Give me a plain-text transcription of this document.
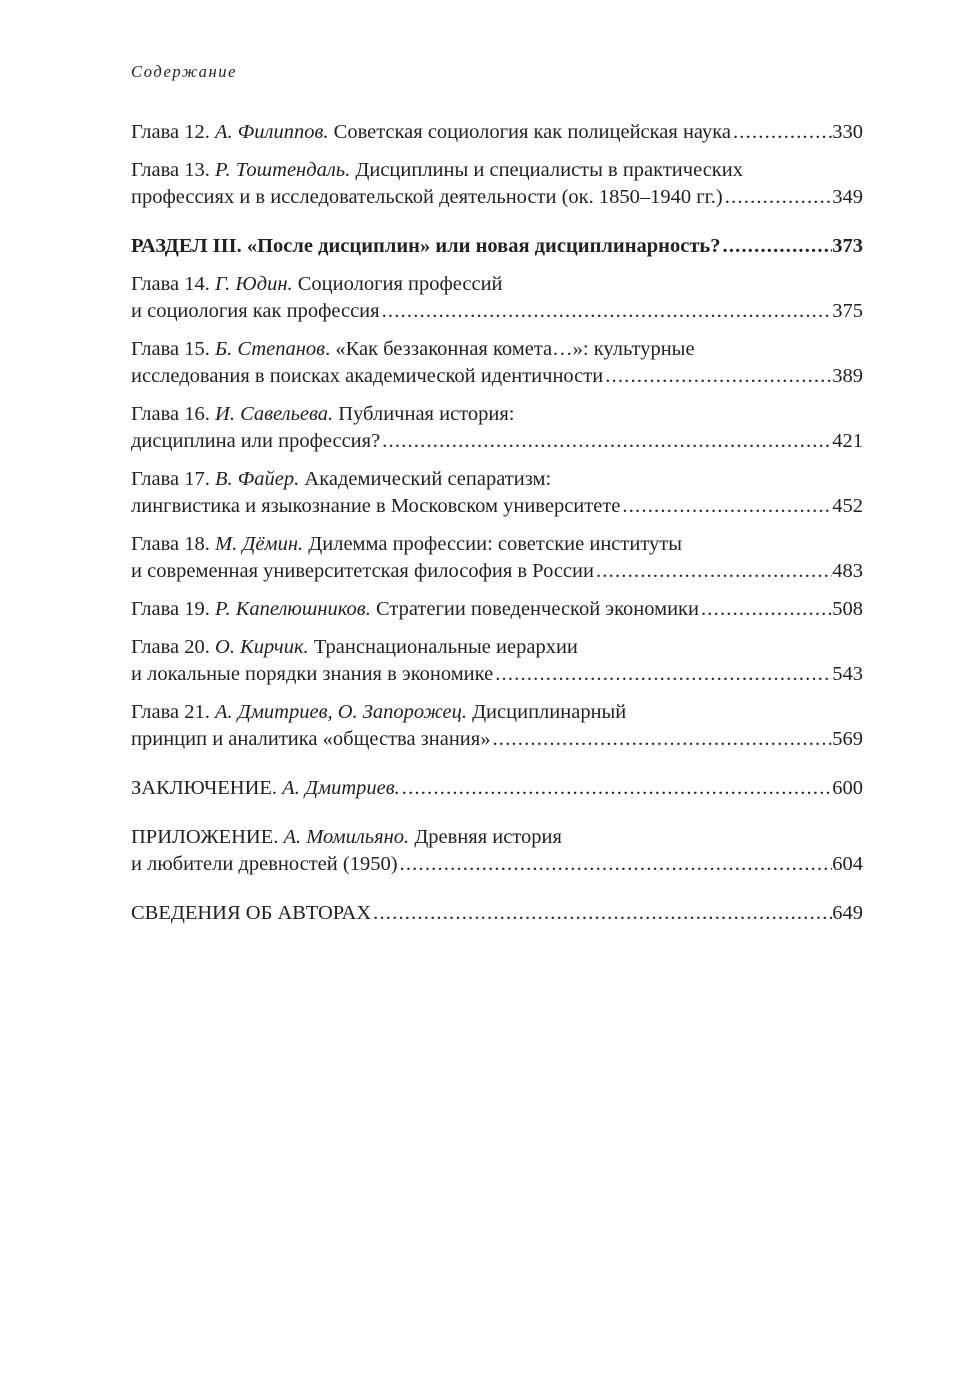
Содержание
Глава 12. А. Филиппов. Советская социология как полицейская наука .....	330
Глава 13. Р. Тоштендаль. Дисциплины и специалисты в практических
профессиях и в исследовательской деятельности (ок. 1850–1940 гг.) .....	349
РАЗДЕЛ III. «После дисциплин» или новая дисциплинарность? .....	373
Глава 14. Г. Юдин. Социология профессий
и социология как профессия .....	375
Глава 15. Б. Степанов. «Как беззаконная комета…»: культурные
исследования в поисках академической идентичности .....	389
Глава 16. И. Савельева. Публичная история:
дисциплина или профессия? .....	421
Глава 17. В. Файер. Академический сепаратизм:
лингвистика и языкознание в Московском университете .....	452
Глава 18. М. Дёмин. Дилемма профессии: советские институты
и современная университетская философия в России .....	483
Глава 19. Р. Капелюшников. Стратегии поведенческой экономики .....	508
Глава 20. О. Кирчик. Транснациональные иерархии
и локальные порядки знания в экономике .....	543
Глава 21. А. Дмитриев, О. Запорожец. Дисциплинарный
принцип и аналитика «общества знания» .....	569
ЗАКЛЮЧЕНИЕ. А. Дмитриев. .....	600
ПРИЛОЖЕНИЕ. А. Момильяно. Древняя история
и любители древностей (1950) .....	604
СВЕДЕНИЯ ОБ АВТОРАХ .....	649
